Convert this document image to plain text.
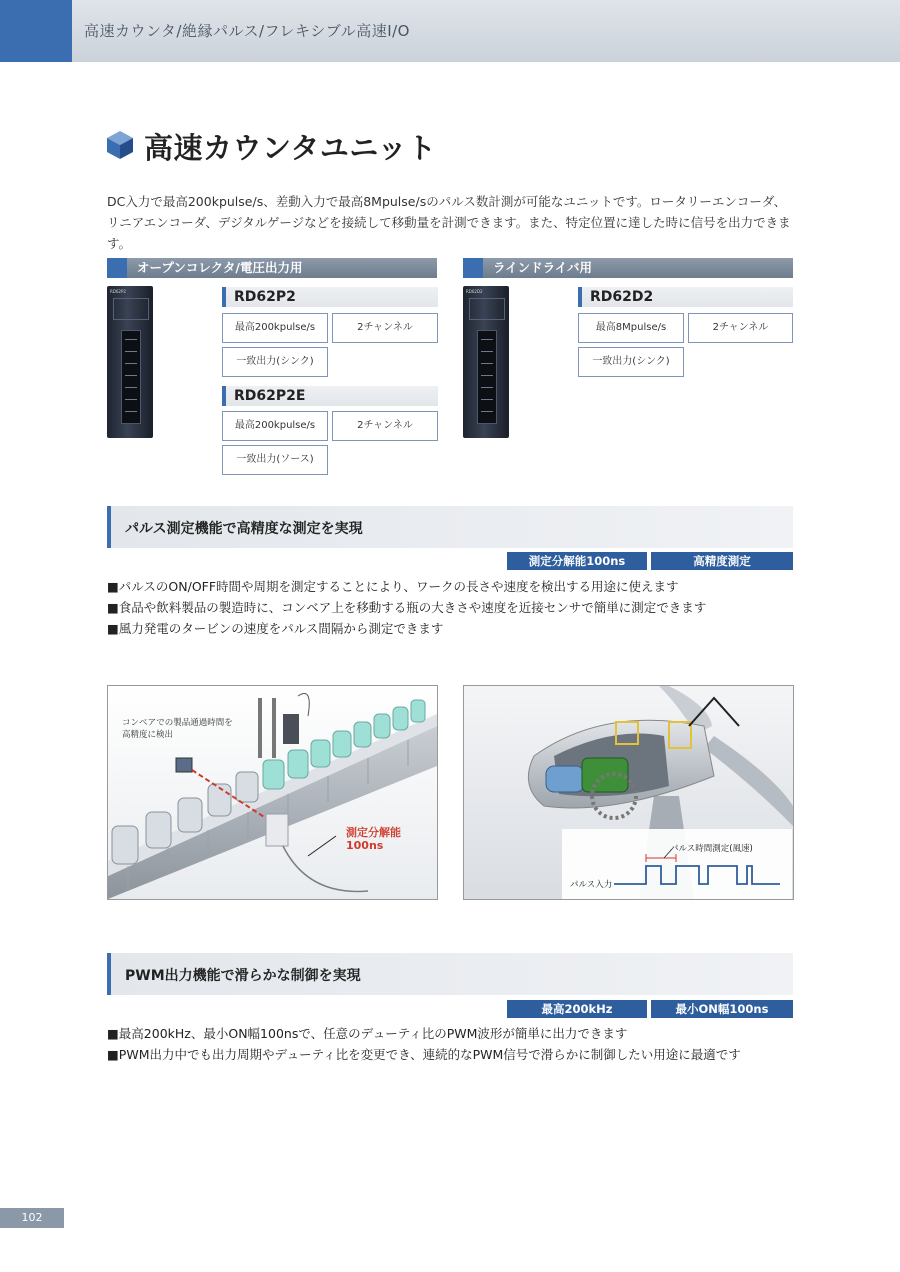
高速カウンタ/絶縁パルス/フレキシブル高速I/O
高速カウンタユニット
DC入力で最高200kpulse/s、差動入力で最高8Mpulse/sのパルス数計測が可能なユニットです。ロータリーエンコーダ、リニアエンコーダ、デジタルゲージなどを接続して移動量を計測できます。また、特定位置に達した時に信号を出力できます。
オープンコレクタ/電圧出力用	ラインドライバ用
RD62P2	RD62D2
RD62P2
最高200kpulse/s	2チャンネル
一致出力(シンク)
RD62P2E
最高200kpulse/s	2チャンネル
一致出力(ソース)
RD62D2
最高8Mpulse/s	2チャンネル
一致出力(シンク)
パルス測定機能で高精度な測定を実現
測定分解能100ns	高精度測定
■パルスのON/OFF時間や周期を測定することにより、ワークの長さや速度を検出する用途に使えます
■食品や飲料製品の製造時に、コンベア上を移動する瓶の大きさや速度を近接センサで簡単に測定できます
■風力発電のタービンの速度をパルス間隔から測定できます
コンベアでの製品通過時間を
高精度に検出
測定分解能
100ns	パルス時間測定(風速)
パルス入力
PWM出力機能で滑らかな制御を実現
最高200kHz	最小ON幅100ns
■最高200kHz、最小ON幅100nsで、任意のデューティ比のPWM波形が簡単に出力できます
■PWM出力中でも出力周期やデューティ比を変更でき、連続的なPWM信号で滑らかに制御したい用途に最適です
102
